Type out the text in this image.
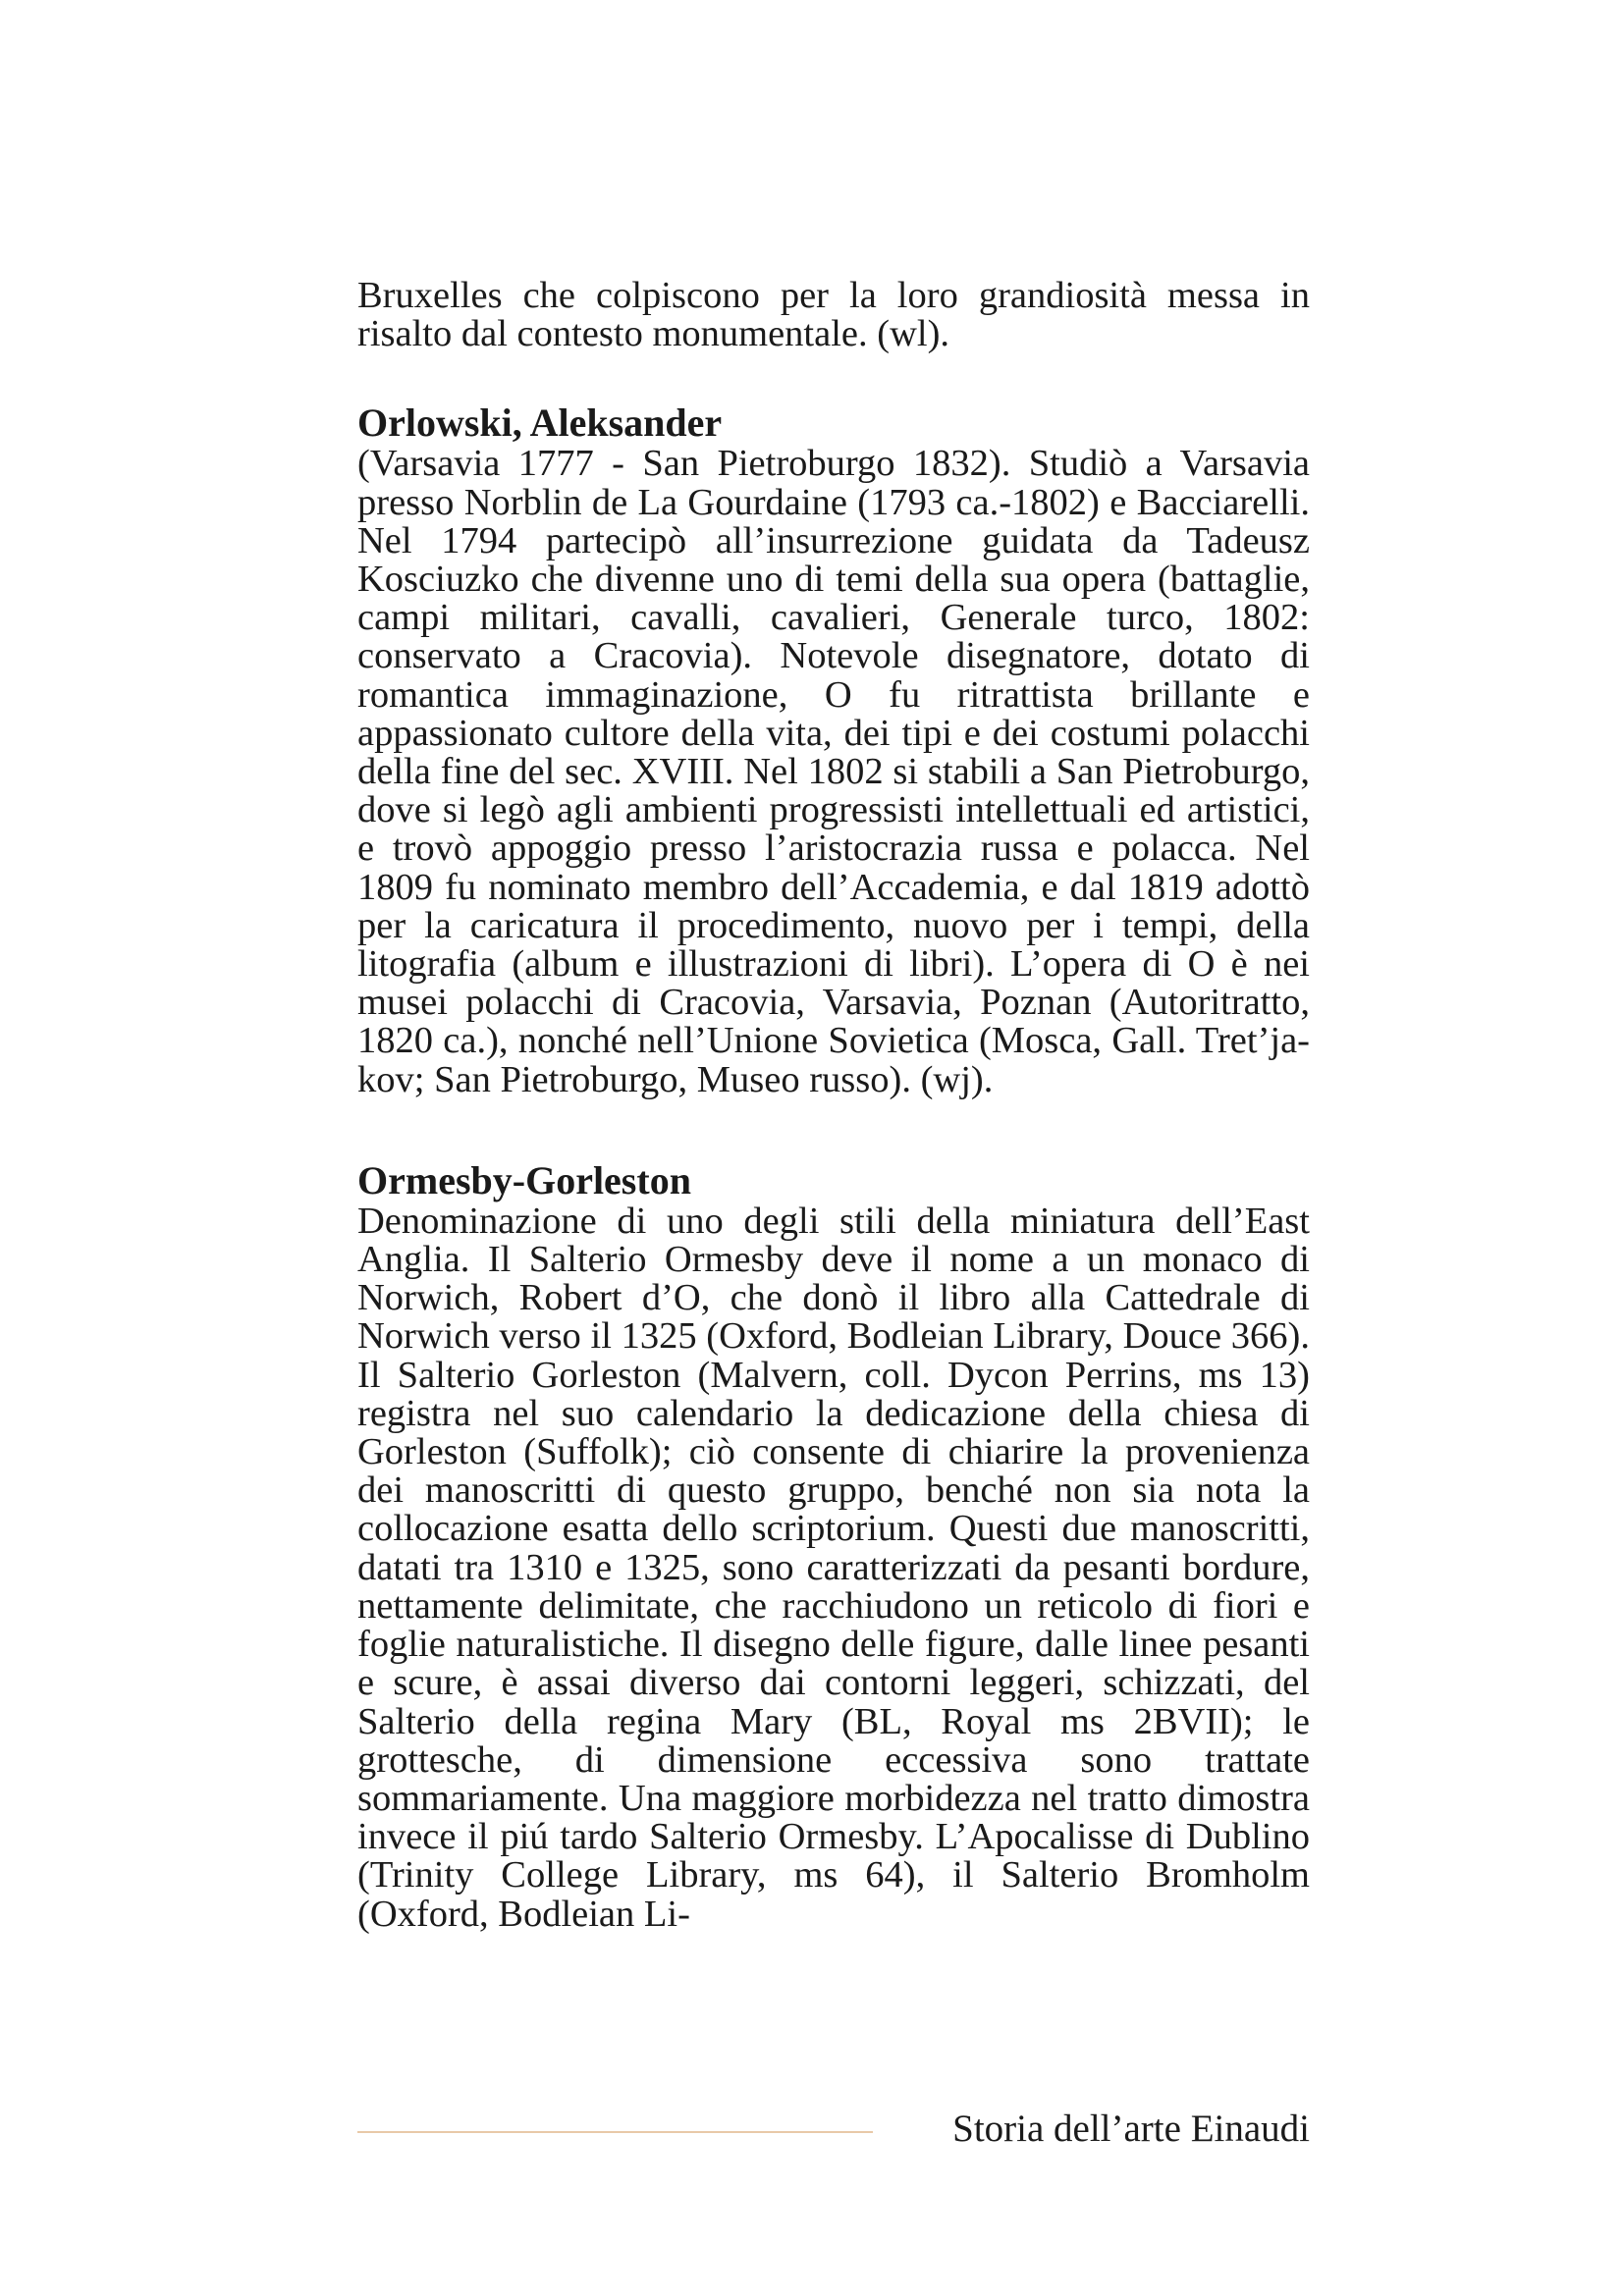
Bruxelles che colpiscono per la loro grandiosità messa in risalto dal contesto monumentale. (wl).

Orlowski, Aleksander

(Varsavia 1777 - San Pietroburgo 1832). Studiò a Varsavia presso Norblin de La Gourdaine (1793 ca.-1802) e Bacciarelli. Nel 1794 partecipò all’insurrezione guidata da Tadeusz Kosciuzko che divenne uno di temi della sua opera (battaglie, campi militari, cavalli, cavalieri, Generale turco, 1802: conservato a Cracovia). Notevole disegnatore, dotato di romantica immaginazione, O fu ritrattista brillante e appassionato cultore della vita, dei tipi e dei costumi polacchi della fine del sec. XVIII. Nel 1802 si stabili a San Pietroburgo, dove si legò agli ambienti progressisti intellettuali ed artistici, e trovò appoggio presso l’aristocrazia russa e polacca. Nel 1809 fu nominato membro dell’Accademia, e dal 1819 adottò per la caricatura il procedimento, nuovo per i tempi, della litografia (album e illustrazioni di libri). L’opera di O è nei musei polacchi di Cracovia, Varsavia, Poznan (Autoritratto, 1820 ca.), nonché nell’Unione Sovietica (Mosca, Gall. Tret’ja-kov; San Pietroburgo, Museo russo). (wj).

Ormesby-Gorleston

Denominazione di uno degli stili della miniatura dell’East Anglia. Il Salterio Ormesby deve il nome a un monaco di Norwich, Robert d’O, che donò il libro alla Cattedrale di Norwich verso il 1325 (Oxford, Bodleian Library, Douce 366). Il Salterio Gorleston (Malvern, coll. Dycon Perrins, ms 13) registra nel suo calendario la dedicazione della chiesa di Gorleston (Suffolk); ciò consente di chiarire la provenienza dei manoscritti di questo gruppo, benché non sia nota la collocazione esatta dello scriptorium. Questi due manoscritti, datati tra 1310 e 1325, sono caratterizzati da pesanti bordure, nettamente delimitate, che racchiudono un reticolo di fiori e foglie naturalistiche. Il disegno delle figure, dalle linee pesanti e scure, è assai diverso dai contorni leggeri, schizzati, del Salterio della regina Mary (BL, Royal ms 2BVII); le grottesche, di dimensione eccessiva sono trattate sommariamente. Una maggiore morbidezza nel tratto dimostra invece il piú tardo Salterio Ormesby. L’Apocalisse di Dublino (Trinity College Library, ms 64), il Salterio Bromholm (Oxford, Bodleian Li-

Storia dell’arte Einaudi
